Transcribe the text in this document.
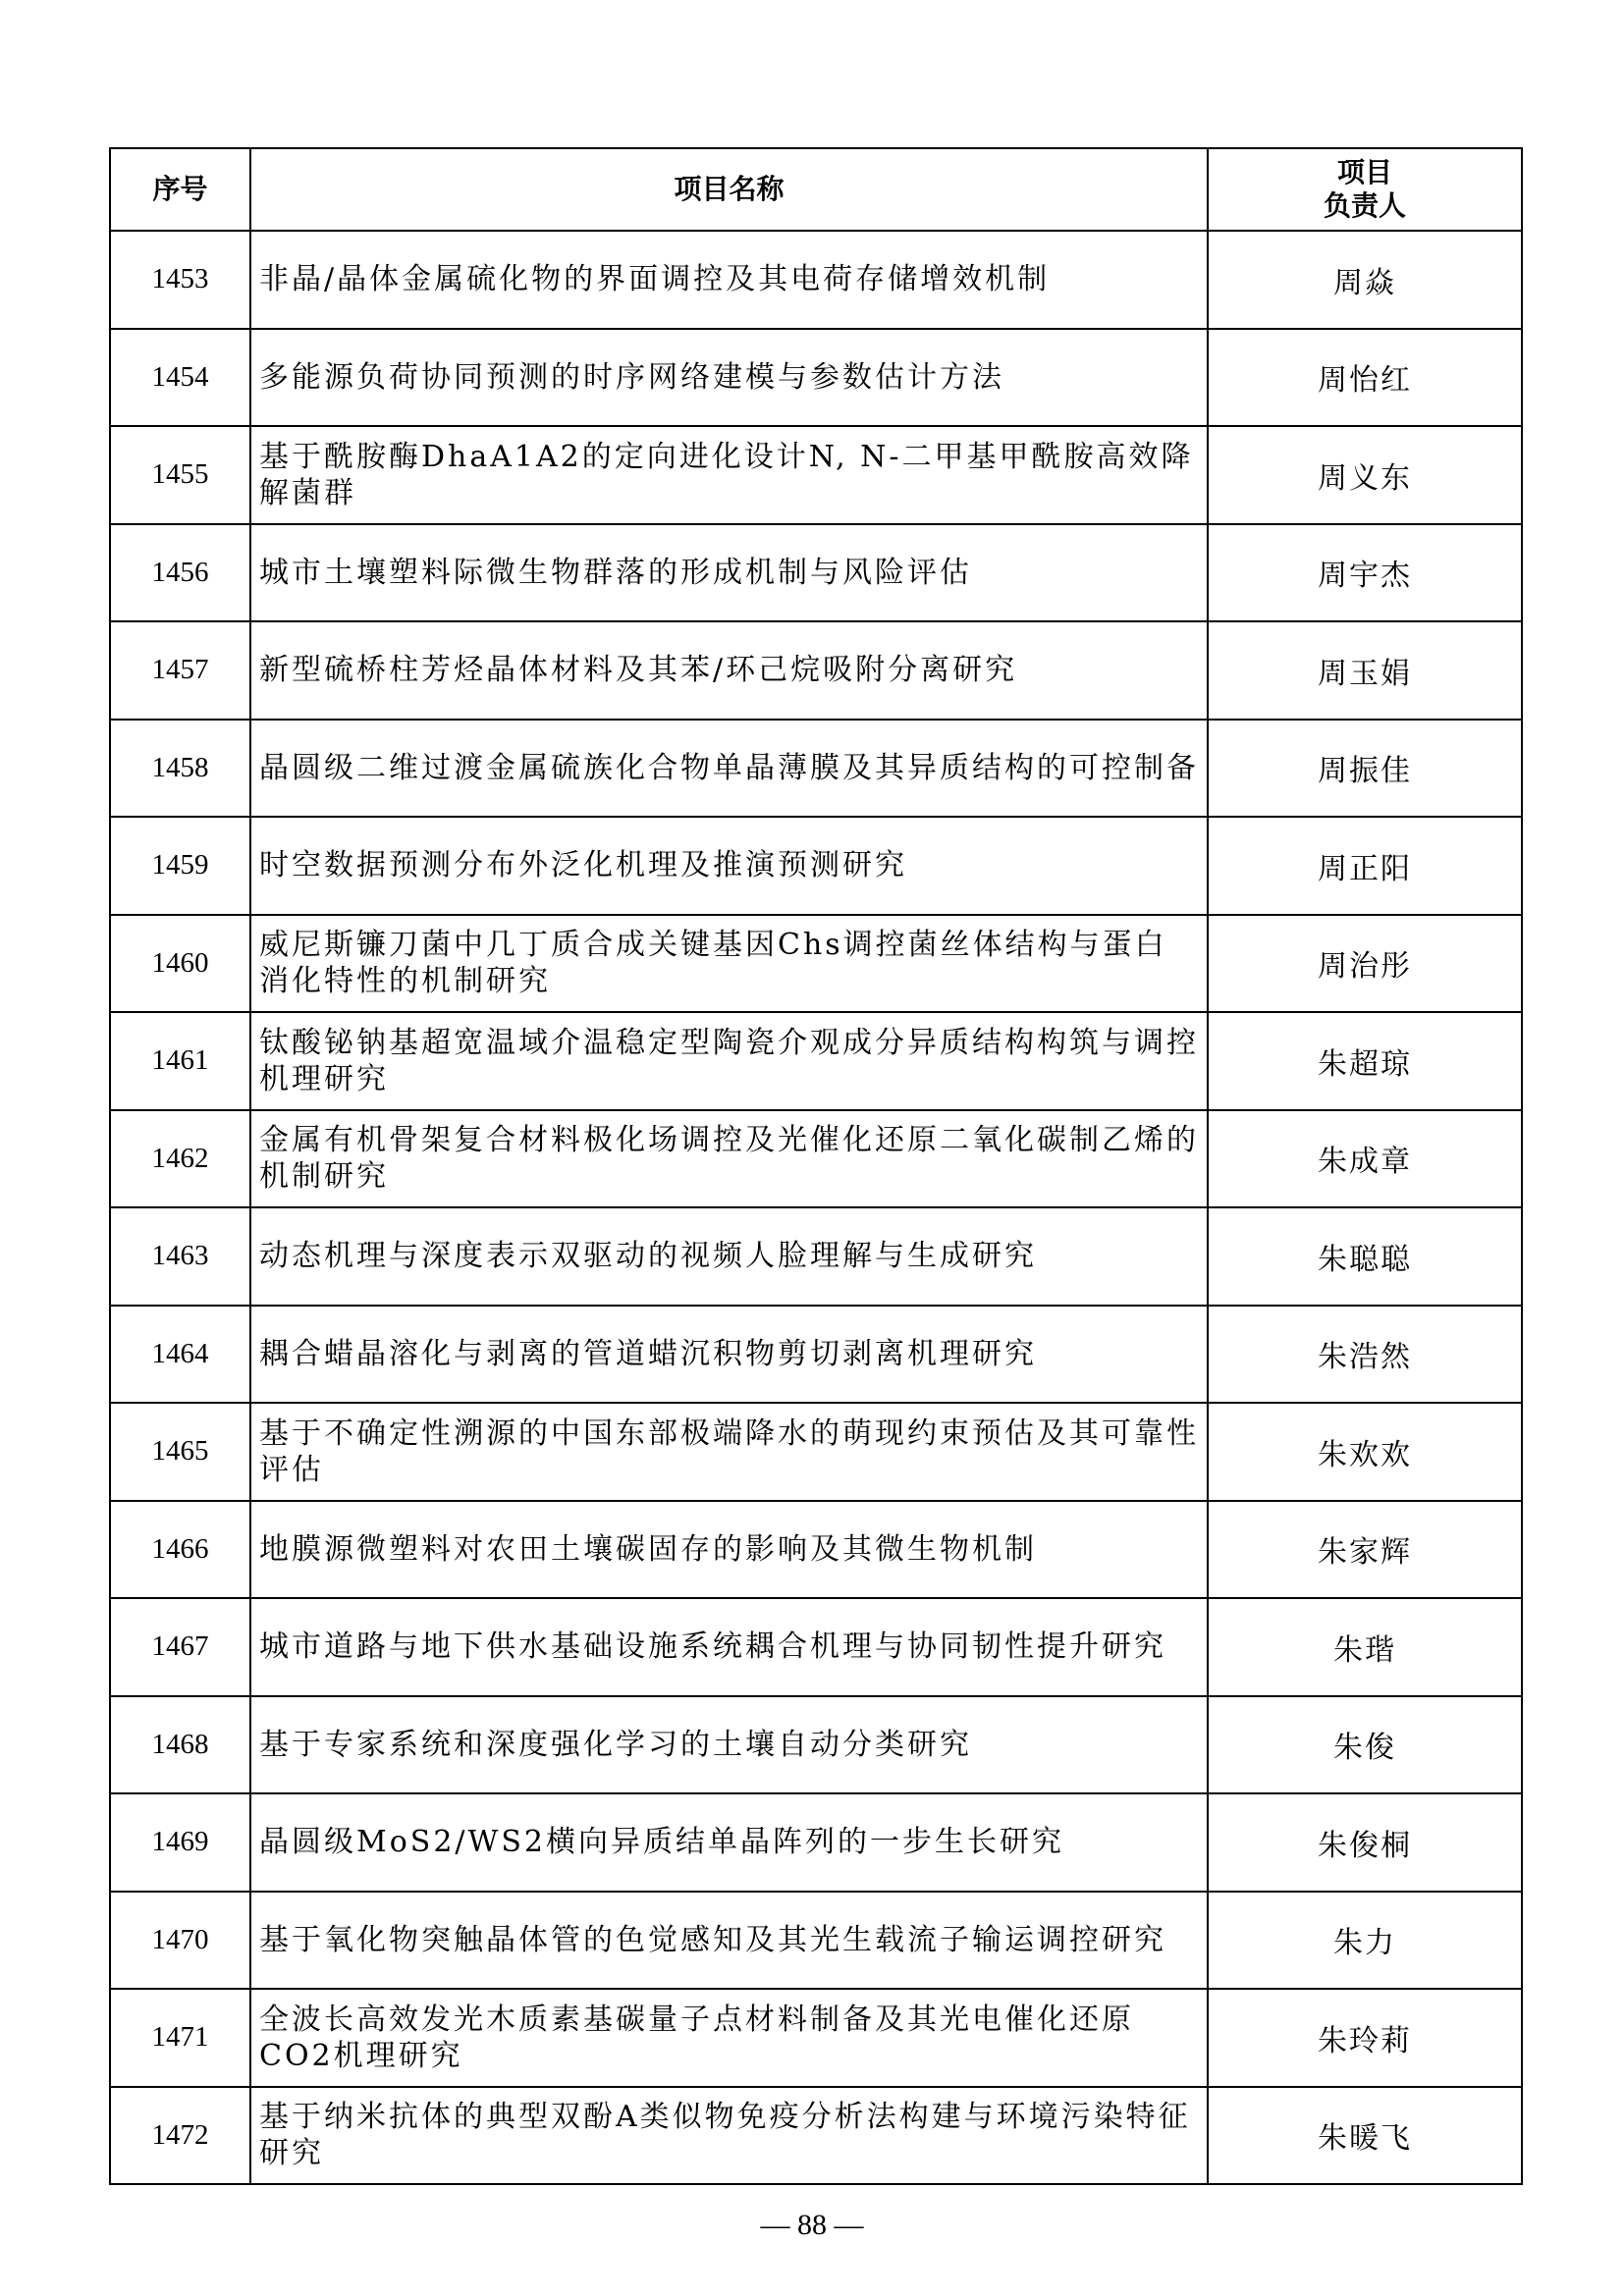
序号	项目名称	项目
负责人

1453	非晶/晶体金属硫化物的界面调控及其电荷存储增效机制	周焱
1454	多能源负荷协同预测的时序网络建模与参数估计方法	周怡红
1455	基于酰胺酶DhaA1A2的定向进化设计N, N-二甲基甲酰胺高效降解菌群	周义东
1456	城市土壤塑料际微生物群落的形成机制与风险评估	周宇杰
1457	新型硫桥柱芳烃晶体材料及其苯/环己烷吸附分离研究	周玉娟
1458	晶圆级二维过渡金属硫族化合物单晶薄膜及其异质结构的可控制备	周振佳
1459	时空数据预测分布外泛化机理及推演预测研究	周正阳
1460	威尼斯镰刀菌中几丁质合成关键基因Chs调控菌丝体结构与蛋白消化特性的机制研究	周治彤
1461	钛酸铋钠基超宽温域介温稳定型陶瓷介观成分异质结构构筑与调控机理研究	朱超琼
1462	金属有机骨架复合材料极化场调控及光催化还原二氧化碳制乙烯的机制研究	朱成章
1463	动态机理与深度表示双驱动的视频人脸理解与生成研究	朱聪聪
1464	耦合蜡晶溶化与剥离的管道蜡沉积物剪切剥离机理研究	朱浩然
1465	基于不确定性溯源的中国东部极端降水的萌现约束预估及其可靠性评估	朱欢欢
1466	地膜源微塑料对农田土壤碳固存的影响及其微生物机制	朱家辉
1467	城市道路与地下供水基础设施系统耦合机理与协同韧性提升研究	朱瑎
1468	基于专家系统和深度强化学习的土壤自动分类研究	朱俊
1469	晶圆级MoS2/WS2横向异质结单晶阵列的一步生长研究	朱俊桐
1470	基于氧化物突触晶体管的色觉感知及其光生载流子输运调控研究	朱力
1471	全波长高效发光木质素基碳量子点材料制备及其光电催化还原CO2机理研究	朱玲莉
1472	基于纳米抗体的典型双酚A类似物免疫分析法构建与环境污染特征研究	朱暖飞
— 88 —
